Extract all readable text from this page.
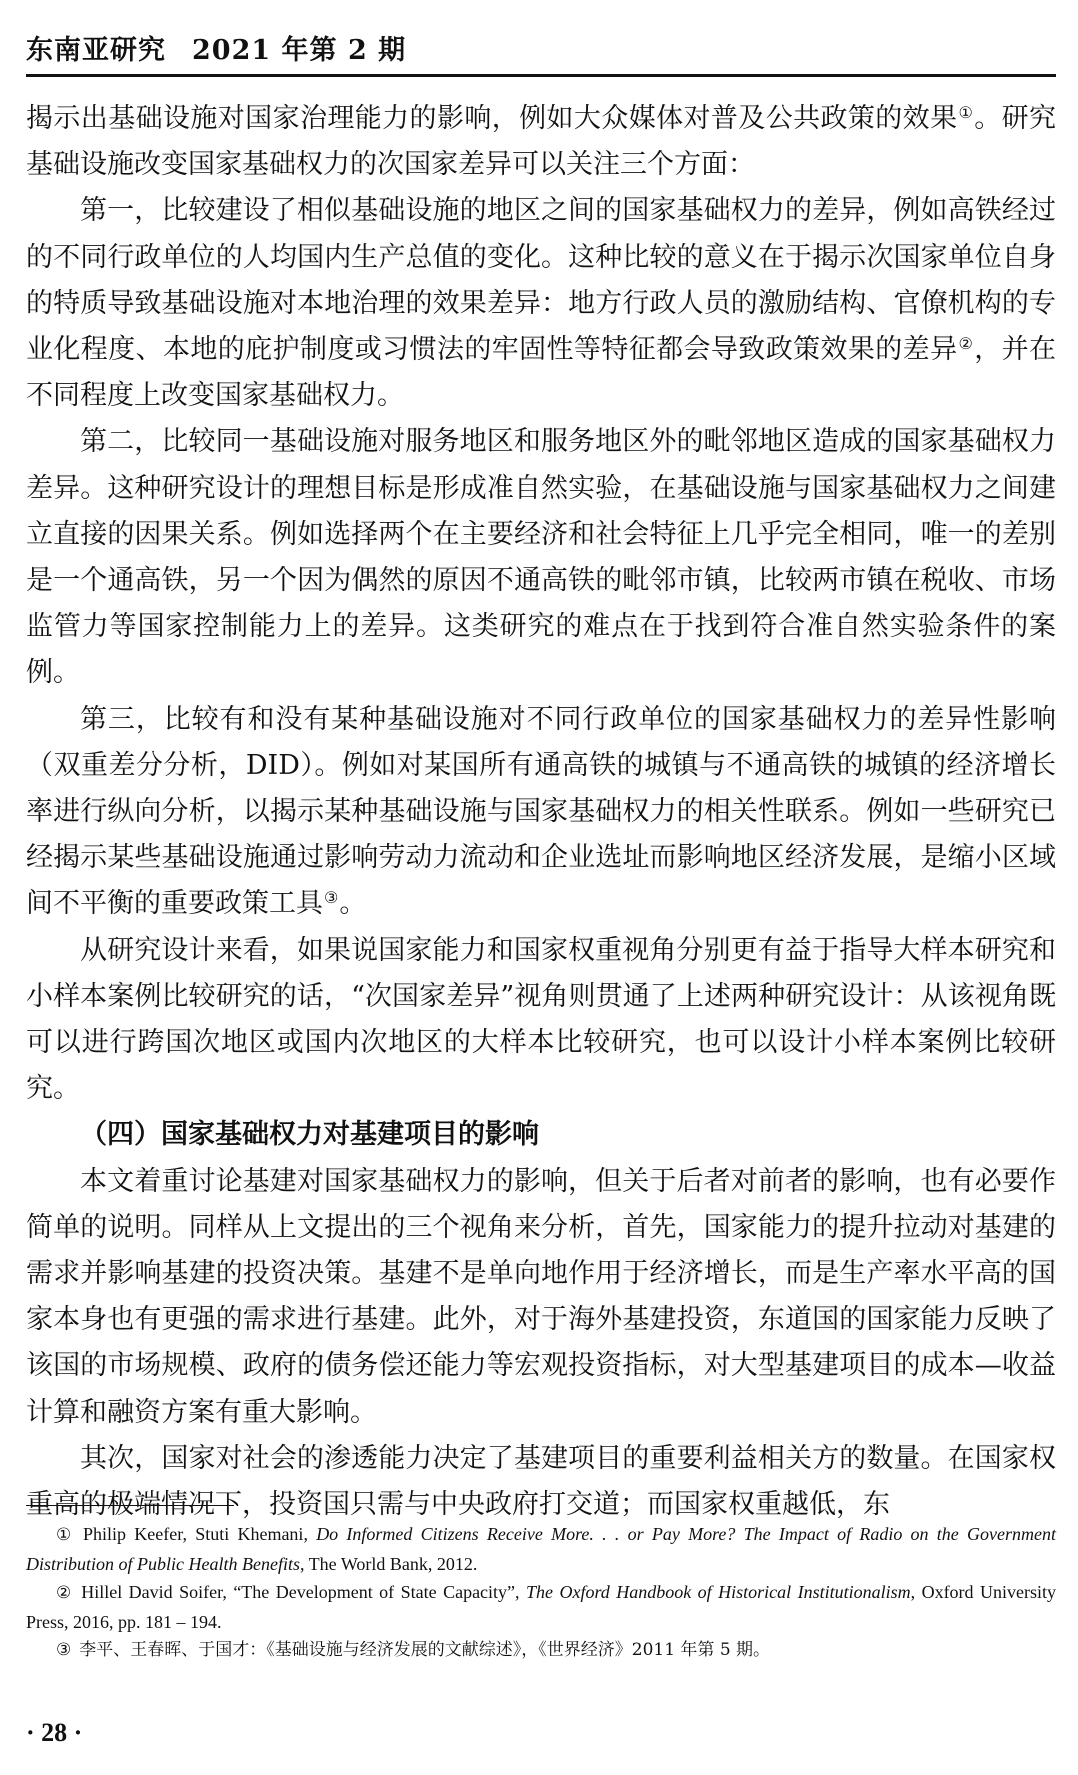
东南亚研究 2021 年第 2 期

揭示出基础设施对国家治理能力的影响，例如大众媒体对普及公共政策的效果①。研究基础设施改变国家基础权力的次国家差异可以关注三个方面：

第一，比较建设了相似基础设施的地区之间的国家基础权力的差异，例如高铁经过的不同行政单位的人均国内生产总值的变化。这种比较的意义在于揭示次国家单位自身的特质导致基础设施对本地治理的效果差异：地方行政人员的激励结构、官僚机构的专业化程度、本地的庇护制度或习惯法的牢固性等特征都会导致政策效果的差异②，并在不同程度上改变国家基础权力。

第二，比较同一基础设施对服务地区和服务地区外的毗邻地区造成的国家基础权力差异。这种研究设计的理想目标是形成准自然实验，在基础设施与国家基础权力之间建立直接的因果关系。例如选择两个在主要经济和社会特征上几乎完全相同，唯一的差别是一个通高铁，另一个因为偶然的原因不通高铁的毗邻市镇，比较两市镇在税收、市场监管力等国家控制能力上的差异。这类研究的难点在于找到符合准自然实验条件的案例。

第三，比较有和没有某种基础设施对不同行政单位的国家基础权力的差异性影响（双重差分分析，DID）。例如对某国所有通高铁的城镇与不通高铁的城镇的经济增长率进行纵向分析，以揭示某种基础设施与国家基础权力的相关性联系。例如一些研究已经揭示某些基础设施通过影响劳动力流动和企业选址而影响地区经济发展，是缩小区域间不平衡的重要政策工具③。

从研究设计来看，如果说国家能力和国家权重视角分别更有益于指导大样本研究和小样本案例比较研究的话，“次国家差异”视角则贯通了上述两种研究设计：从该视角既可以进行跨国次地区或国内次地区的大样本比较研究，也可以设计小样本案例比较研究。

（四）国家基础权力对基建项目的影响

本文着重讨论基建对国家基础权力的影响，但关于后者对前者的影响，也有必要作简单的说明。同样从上文提出的三个视角来分析，首先，国家能力的提升拉动对基建的需求并影响基建的投资决策。基建不是单向地作用于经济增长，而是生产率水平高的国家本身也有更强的需求进行基建。此外，对于海外基建投资，东道国的国家能力反映了该国的市场规模、政府的债务偿还能力等宏观投资指标，对大型基建项目的成本—收益计算和融资方案有重大影响。

其次，国家对社会的渗透能力决定了基建项目的重要利益相关方的数量。在国家权重高的极端情况下，投资国只需与中央政府打交道；而国家权重越低，东

① Philip Keefer, Stuti Khemani, Do Informed Citizens Receive More. . . or Pay More? The Impact of Radio on the Government Distribution of Public Health Benefits, The World Bank, 2012.

② Hillel David Soifer, “The Development of State Capacity”, The Oxford Handbook of Historical Institutionalism, Oxford University Press, 2016, pp. 181 – 194.

③ 李平、王春晖、于国才：《基础设施与经济发展的文献综述》，《世界经济》2011 年第 5 期。

· 28 ·
